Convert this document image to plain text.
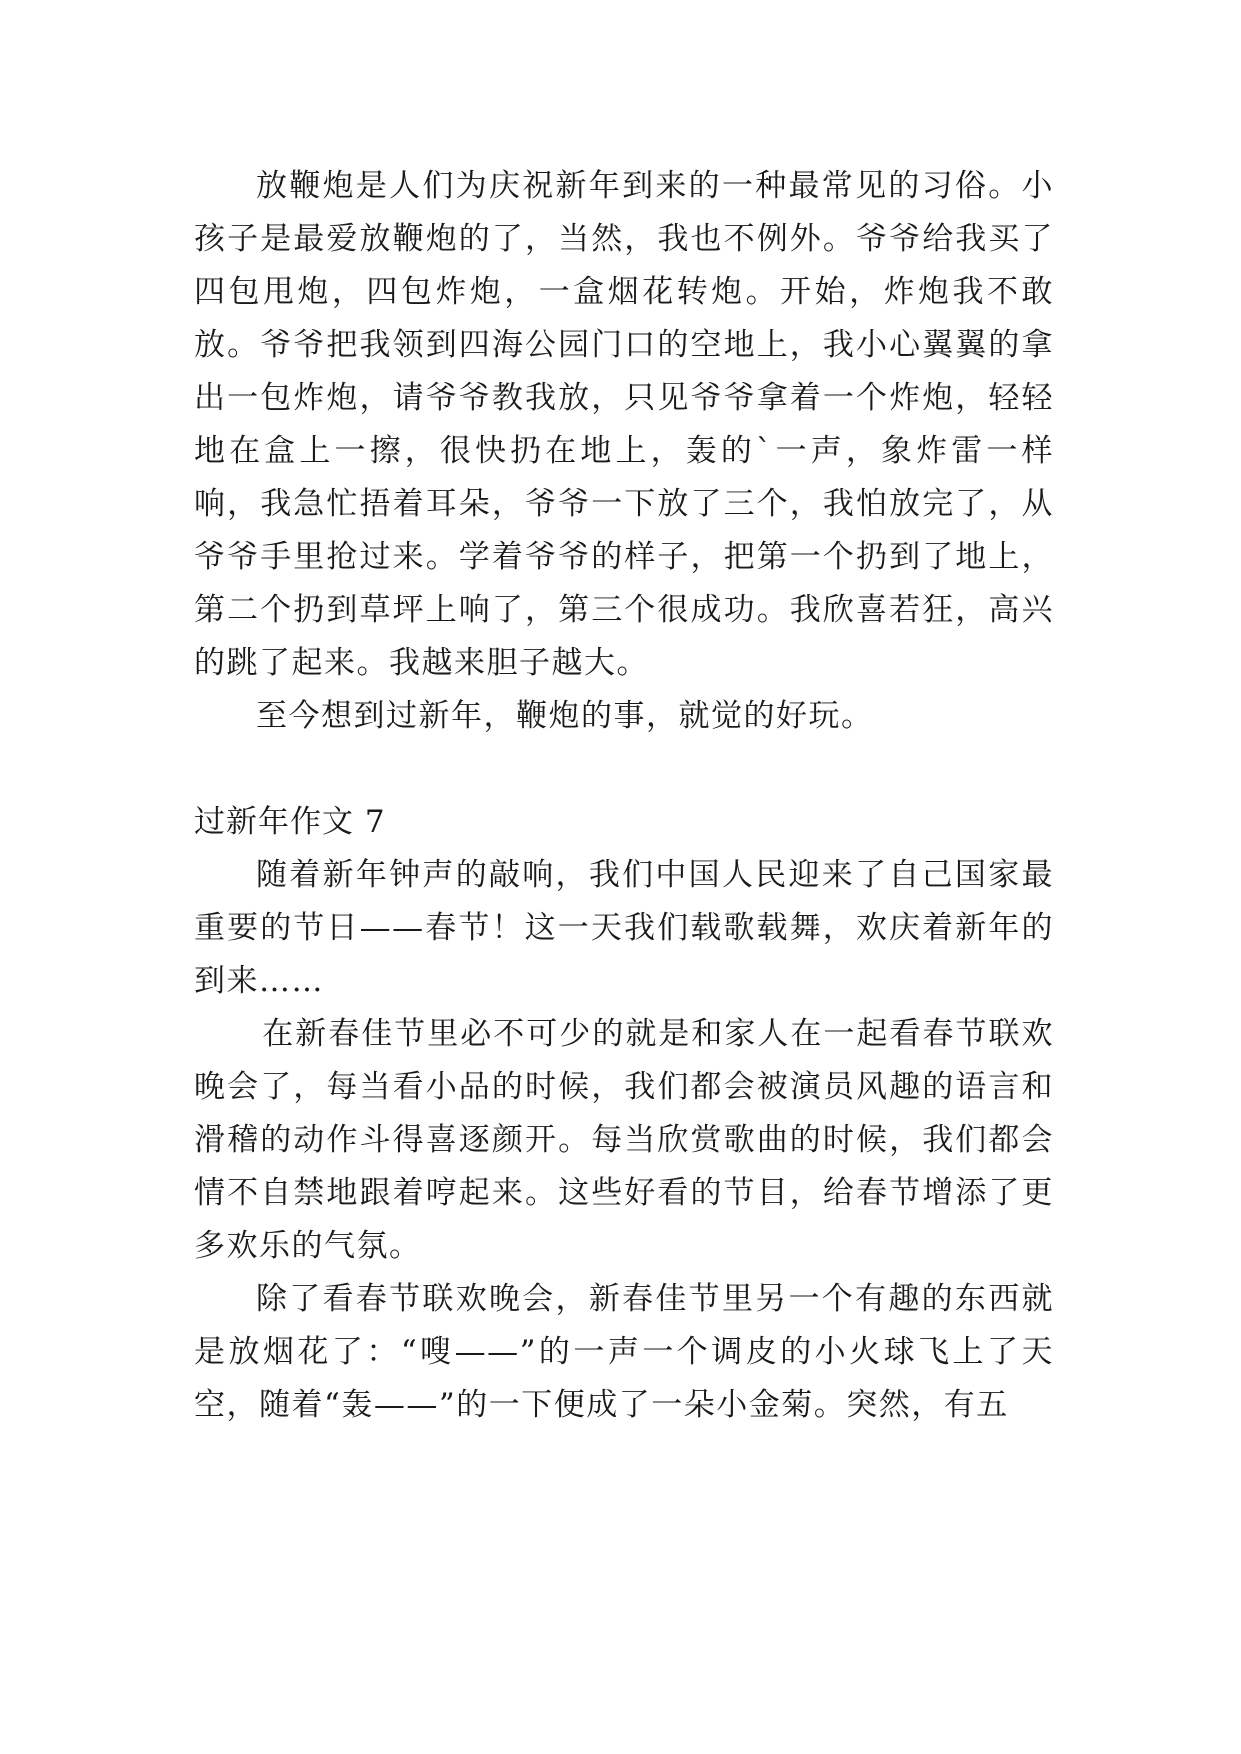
放鞭炮是人们为庆祝新年到来的一种最常见的习俗。小孩子是最爱放鞭炮的了，当然，我也不例外。爷爷给我买了四包甩炮，四包炸炮，一盒烟花转炮。开始，炸炮我不敢放。爷爷把我领到四海公园门口的空地上，我小心翼翼的拿出一包炸炮，请爷爷教我放，只见爷爷拿着一个炸炮，轻轻地在盒上一擦，很快扔在地上，轰的`一声，象炸雷一样响，我急忙捂着耳朵，爷爷一下放了三个，我怕放完了，从爷爷手里抢过来。学着爷爷的样子，把第一个扔到了地上，第二个扔到草坪上响了，第三个很成功。我欣喜若狂，高兴的跳了起来。我越来胆子越大。

至今想到过新年，鞭炮的事，就觉的好玩。

过新年作文 7

随着新年钟声的敲响，我们中国人民迎来了自己国家最重要的节日——春节！这一天我们载歌载舞，欢庆着新年的到来……

在新春佳节里必不可少的就是和家人在一起看春节联欢晚会了，每当看小品的时候，我们都会被演员风趣的语言和滑稽的动作斗得喜逐颜开。每当欣赏歌曲的时候，我们都会情不自禁地跟着哼起来。这些好看的节目，给春节增添了更多欢乐的气氛。

除了看春节联欢晚会，新春佳节里另一个有趣的东西就是放烟花了：“嗖——”的一声一个调皮的小火球飞上了天空，随着“轰——”的一下便成了一朵小金菊。突然，有五
